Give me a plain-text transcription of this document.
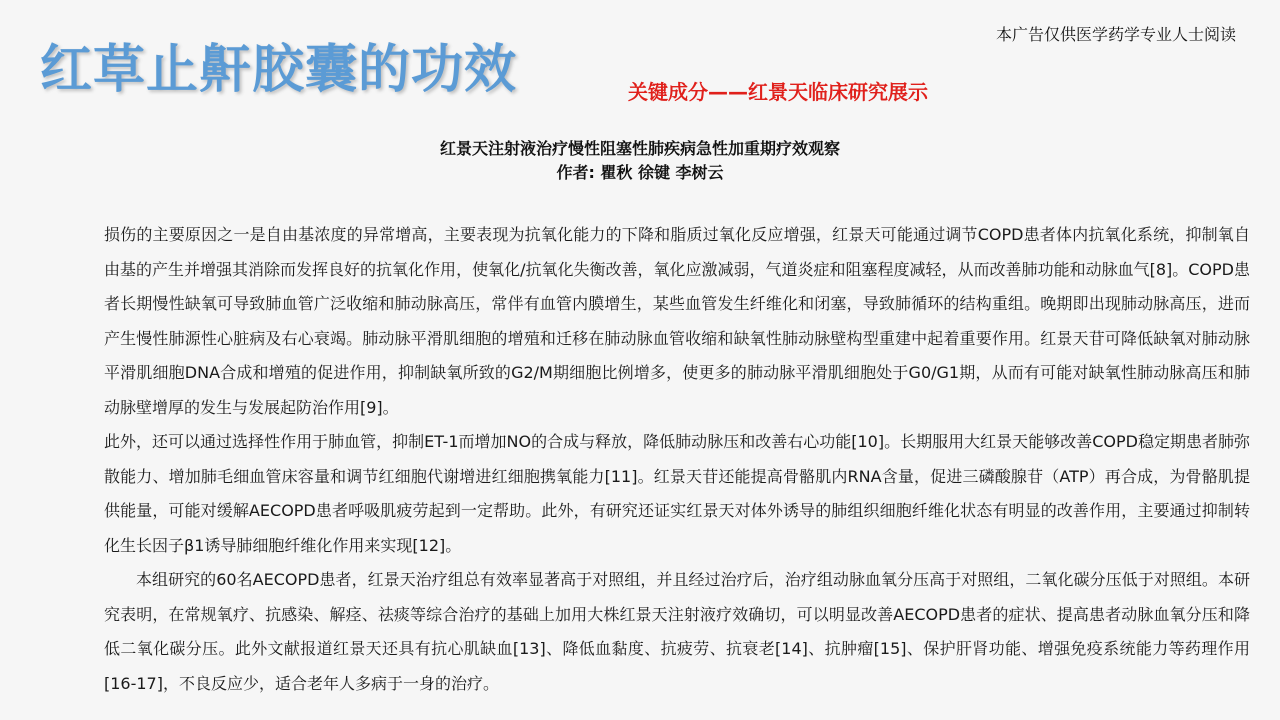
本广告仅供医学药学专业人士阅读
红草止鼾胶囊的功效	关键成分——红景天临床研究展示
红景天注射液治疗慢性阻塞性肺疾病急性加重期疗效观察
作者: 瞿秋 徐键 李树云

损伤的主要原因之一是自由基浓度的异常增高，主要表现为抗氧化能力的下降和脂质过氧化反应增强，红景天可能通过调节COPD患者体内抗氧化系统，抑制氧自由基的产生并增强其消除而发挥良好的抗氧化作用，使氧化/抗氧化失衡改善，氧化应激减弱，气道炎症和阻塞程度减轻，从而改善肺功能和动脉血气[8]。COPD患者长期慢性缺氧可导致肺血管广泛收缩和肺动脉高压，常伴有血管内膜增生，某些血管发生纤维化和闭塞，导致肺循环的结构重组。晚期即出现肺动脉高压，进而产生慢性肺源性心脏病及右心衰竭。肺动脉平滑肌细胞的增殖和迁移在肺动脉血管收缩和缺氧性肺动脉壁构型重建中起着重要作用。红景天苷可降低缺氧对肺动脉平滑肌细胞DNA合成和增殖的促进作用，抑制缺氧所致的G2/M期细胞比例增多，使更多的肺动脉平滑肌细胞处于G0/G1期，从而有可能对缺氧性肺动脉高压和肺动脉壁增厚的发生与发展起防治作用[9]。

此外，还可以通过选择性作用于肺血管，抑制ET-1而增加NO的合成与释放，降低肺动脉压和改善右心功能[10]。长期服用大红景天能够改善COPD稳定期患者肺弥散能力、增加肺毛细血管床容量和调节红细胞代谢增进红细胞携氧能力[11]。红景天苷还能提高骨骼肌内RNA含量，促进三磷酸腺苷（ATP）再合成，为骨骼肌提供能量，可能对缓解AECOPD患者呼吸肌疲劳起到一定帮助。此外，有研究还证实红景天对体外诱导的肺组织细胞纤维化状态有明显的改善作用，主要通过抑制转化生长因子β1诱导肺细胞纤维化作用来实现[12]。

本组研究的60名AECOPD患者，红景天治疗组总有效率显著高于对照组，并且经过治疗后，治疗组动脉血氧分压高于对照组，二氧化碳分压低于对照组。本研究表明，在常规氧疗、抗感染、解痉、祛痰等综合治疗的基础上加用大株红景天注射液疗效确切，可以明显改善AECOPD患者的症状、提高患者动脉血氧分压和降低二氧化碳分压。此外文献报道红景天还具有抗心肌缺血[13]、降低血黏度、抗疲劳、抗衰老[14]、抗肿瘤[15]、保护肝肾功能、增强免疫系统能力等药理作用[16-17]，不良反应少，适合老年人多病于一身的治疗。
